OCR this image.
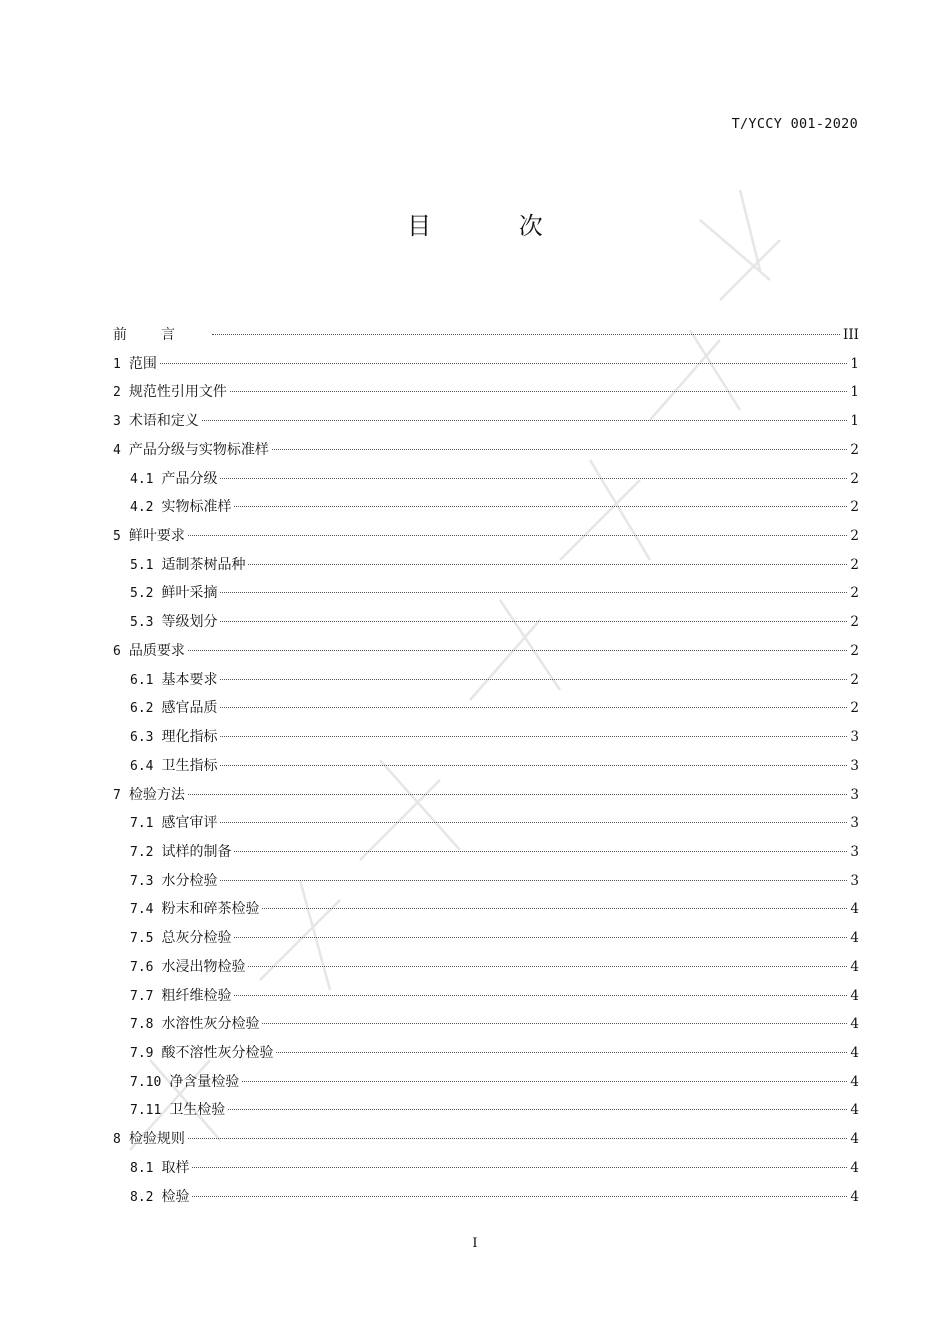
T/YCCY 001-2020
目 次
前言	III
1 范围	1
2 规范性引用文件	1
3 术语和定义	1
4 产品分级与实物标准样	2
4.1 产品分级	2
4.2 实物标准样	2
5 鲜叶要求	2
5.1 适制茶树品种	2
5.2 鲜叶采摘	2
5.3 等级划分	2
6 品质要求	2
6.1 基本要求	2
6.2 感官品质	2
6.3 理化指标	3
6.4 卫生指标	3
7 检验方法	3
7.1 感官审评	3
7.2 试样的制备	3
7.3 水分检验	3
7.4 粉末和碎茶检验	4
7.5 总灰分检验	4
7.6 水浸出物检验	4
7.7 粗纤维检验	4
7.8 水溶性灰分检验	4
7.9 酸不溶性灰分检验	4
7.10 净含量检验	4
7.11 卫生检验	4
8 检验规则	4
8.1 取样	4
8.2 检验	4
I
